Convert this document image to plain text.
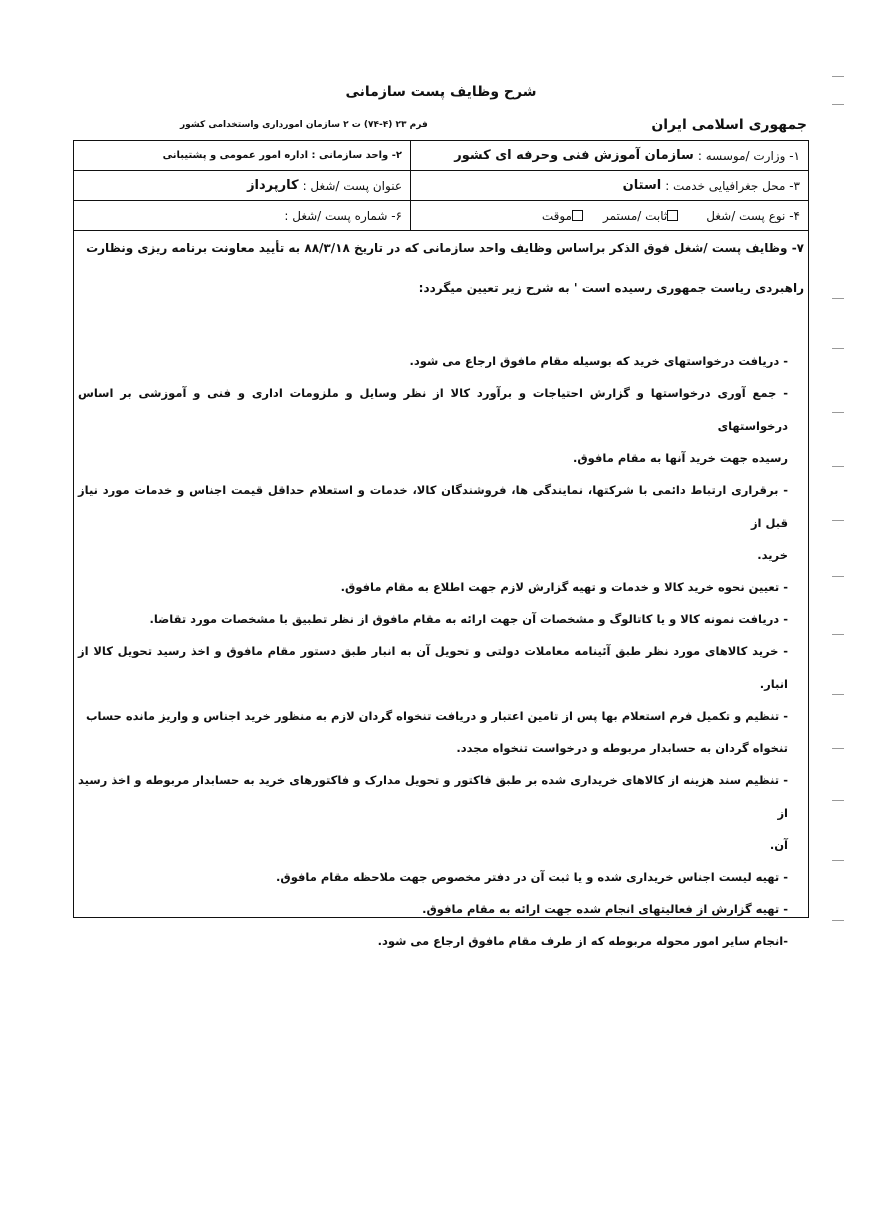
شرح وظایف پست سازمانی
فرم ۲۳ (۴-۷۴) ت ۲ سازمان امورداری واستخدامی کشور	جمهوری اسلامی ایران
۱- وزارت /موسسه :
سازمان آموزش فنی وحرفه ای کشور
۲- واحد سازمانی : اداره امور عمومی و پشتیبانی
۳- محل جغرافیایی خدمت :
استان
عنوان پست /شغل :
کارپرداز
۴- نوع پست /شغل
ثابت /مستمر
موقت
۶- شماره پست /شغل :
۷- وظایف پست /شغل فوق الذکر براساس وظایف واحد سازمانی که در تاریخ ۸۸/۳/۱۸ به تأیید معاونت برنامه ریزی ونظارت
راهبردی ریاست جمهوری رسیده است ' به شرح زیر تعیین میگردد:
- دریافت درخواستهای خرید که بوسیله مقام مافوق ارجاع می شود.
- جمع آوری درخواستها و گزارش احتیاجات و برآورد کالا از نظر وسایل و ملزومات اداری و فنی و آموزشی بر اساس درخواستهای
رسیده جهت خرید آنها به مقام مافوق.
- برقراری ارتباط دائمی با شرکتها، نمایندگی ها، فروشندگان کالا، خدمات و استعلام حداقل قیمت اجناس و خدمات مورد نیاز قبل از
خرید.
- تعیین نحوه خرید کالا و خدمات و تهیه گزارش لازم جهت اطلاع به مقام مافوق.
- دریافت نمونه کالا و یا کاتالوگ و مشخصات آن جهت ارائه به مقام مافوق از نظر تطبیق با مشخصات مورد تقاضا.
- خرید کالاهای مورد نظر طبق آئینامه معاملات دولتی و تحویل آن به انبار طبق دستور مقام مافوق و اخذ رسید تحویل کالا از انبار.
- تنظیم و تکمیل فرم استعلام بها پس از تامین اعتبار و دریافت تنخواه گردان لازم به منظور خرید اجناس و واریز مانده حساب
تنخواه گردان به حسابدار مربوطه و درخواست تنخواه مجدد.
- تنظیم سند هزینه از کالاهای خریداری شده بر طبق فاکتور و تحویل مدارک و فاکتورهای خرید به حسابدار مربوطه و اخذ رسید از
آن.
- تهیه لیست اجناس خریداری شده و یا ثبت آن در دفتر مخصوص جهت ملاحظه مقام مافوق.
- تهیه گزارش از فعالیتهای انجام شده جهت ارائه به مقام مافوق.
-انجام سایر امور محوله مربوطه که از طرف مقام مافوق ارجاع می شود.
